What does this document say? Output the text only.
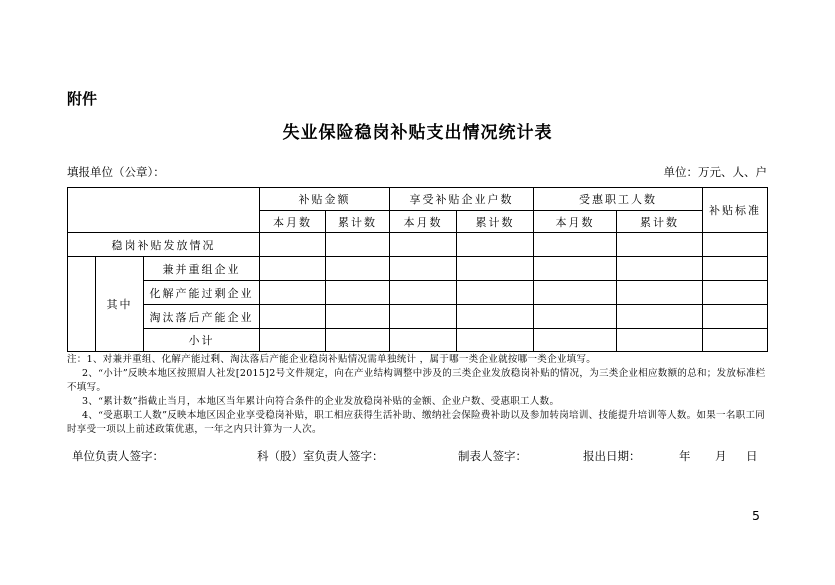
附件
失业保险稳岗补贴支出情况统计表
填报单位（公章）：	单位：万元、人、户
			补贴金额		享受补贴企业户数		受惠职工人数		补贴标准
			本月数	累计数	本月数	累计数	本月数	累计数	
稳岗补贴发放情况									
	其中	兼并重组企业							
		化解产能过剩企业							
		淘汰落后产能企业							
		小计							
注：1、对兼并重组、化解产能过剩、淘汰落后产能企业稳岗补贴情况需单独统计 ，属于哪一类企业就按哪一类企业填写。
2、“小计”反映本地区按照眉人社发[2015]2号文件规定，向在产业结构调整中涉及的三类企业发放稳岗补贴的情况，为三类企业相应数额的总和；发放标准栏不填写。
3、“累计数”指截止当月，本地区当年累计向符合条件的企业发放稳岗补贴的金额、企业户数、受惠职工人数。
4、“受惠职工人数”反映本地区因企业享受稳岗补贴，职工相应获得生活补助、缴纳社会保险费补助以及参加转岗培训、技能提升培训等人数。如果一名职工同时享受一项以上前述政策优惠，一年之内只计算为一人次。
单位负责人签字：	科（股）室负责人签字：	制表人签字：	报出日期：	年 月 日
5
